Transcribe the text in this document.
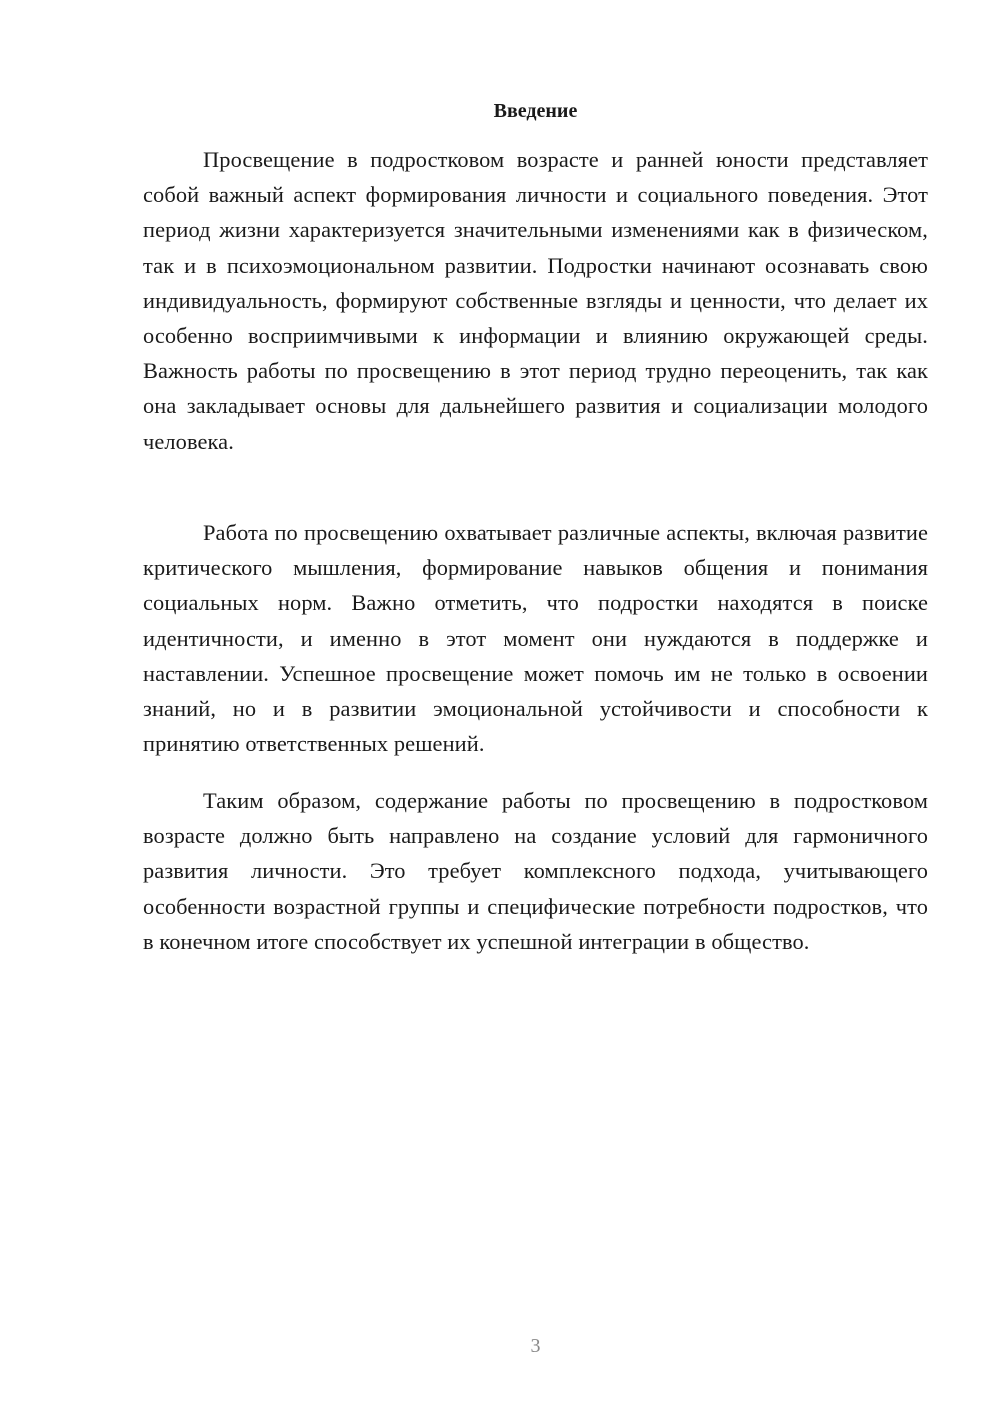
Введение

Просвещение в подростковом возрасте и ранней юности представляет собой важный аспект формирования личности и социального поведения. Этот период жизни характеризуется значительными изменениями как в физическом, так и в психоэмоциональном развитии. Подростки начинают осознавать свою индивидуальность, формируют собственные взгляды и ценности, что делает их особенно восприимчивыми к информации и влиянию окружающей среды. Важность работы по просвещению в этот период трудно переоценить, так как она закладывает основы для дальнейшего развития и социализации молодого человека.

Работа по просвещению охватывает различные аспекты, включая развитие критического мышления, формирование навыков общения и понимания социальных норм. Важно отметить, что подростки находятся в поиске идентичности, и именно в этот момент они нуждаются в поддержке и наставлении. Успешное просвещение может помочь им не только в освоении знаний, но и в развитии эмоциональной устойчивости и способности к принятию ответственных решений.

Таким образом, содержание работы по просвещению в подростковом возрасте должно быть направлено на создание условий для гармоничного развития личности. Это требует комплексного подхода, учитывающего особенности возрастной группы и специфические потребности подростков, что в конечном итоге способствует их успешной интеграции в общество.

3
